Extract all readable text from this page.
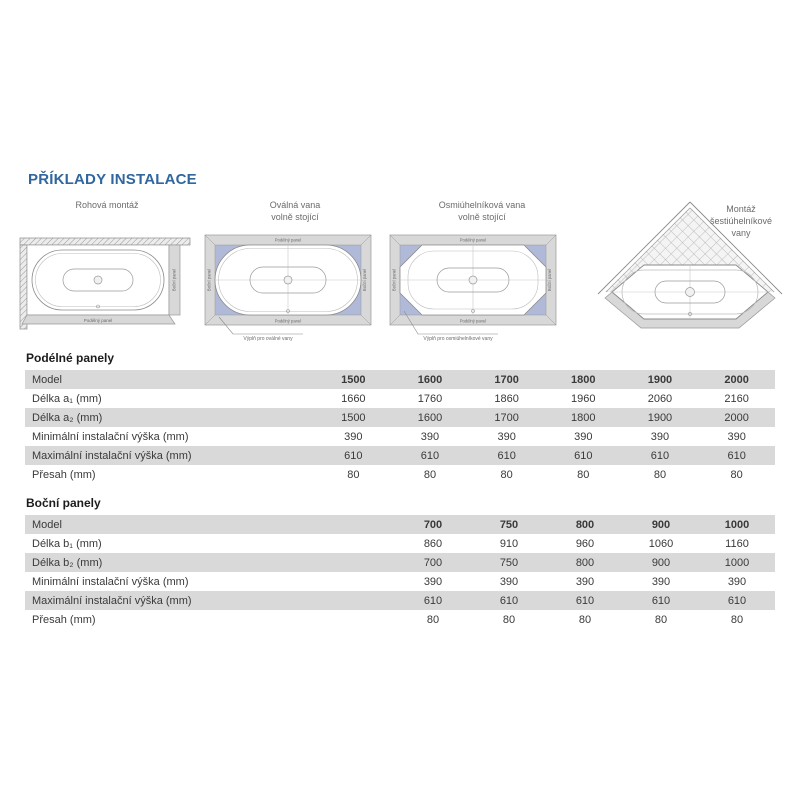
PŘÍKLADY INSTALACE
Rohová montáž
Podélný panel
Boční panel
Oválná vana
volně stojící
Podélný panel
Podélný panel
Boční panel	Boční panel
Výplň pro oválné vany
Osmiúhelníková vana
volně stojící
Podélný panel
Podélný panel
Boční panel	Boční panel
Výplň pro osmiúhelníkové vany
Montáž
šestiúhelníkové
vany
Podélné panely
Model	1500	1600	1700	1800	1900	2000
Délka a₁ (mm)	1660	1760	1860	1960	2060	2160
Délka a₂ (mm)	1500	1600	1700	1800	1900	2000
Minimální instalační výška (mm)	390	390	390	390	390	390
Maximální instalační výška (mm)	610	610	610	610	610	610
Přesah (mm)	80	80	80	80	80	80
Boční panely
Model	700	750	800	900	1000
Délka b₁ (mm)	860	910	960	1060	1160
Délka b₂ (mm)	700	750	800	900	1000
Minimální instalační výška (mm)	390	390	390	390	390
Maximální instalační výška (mm)	610	610	610	610	610
Přesah (mm)	80	80	80	80	80
